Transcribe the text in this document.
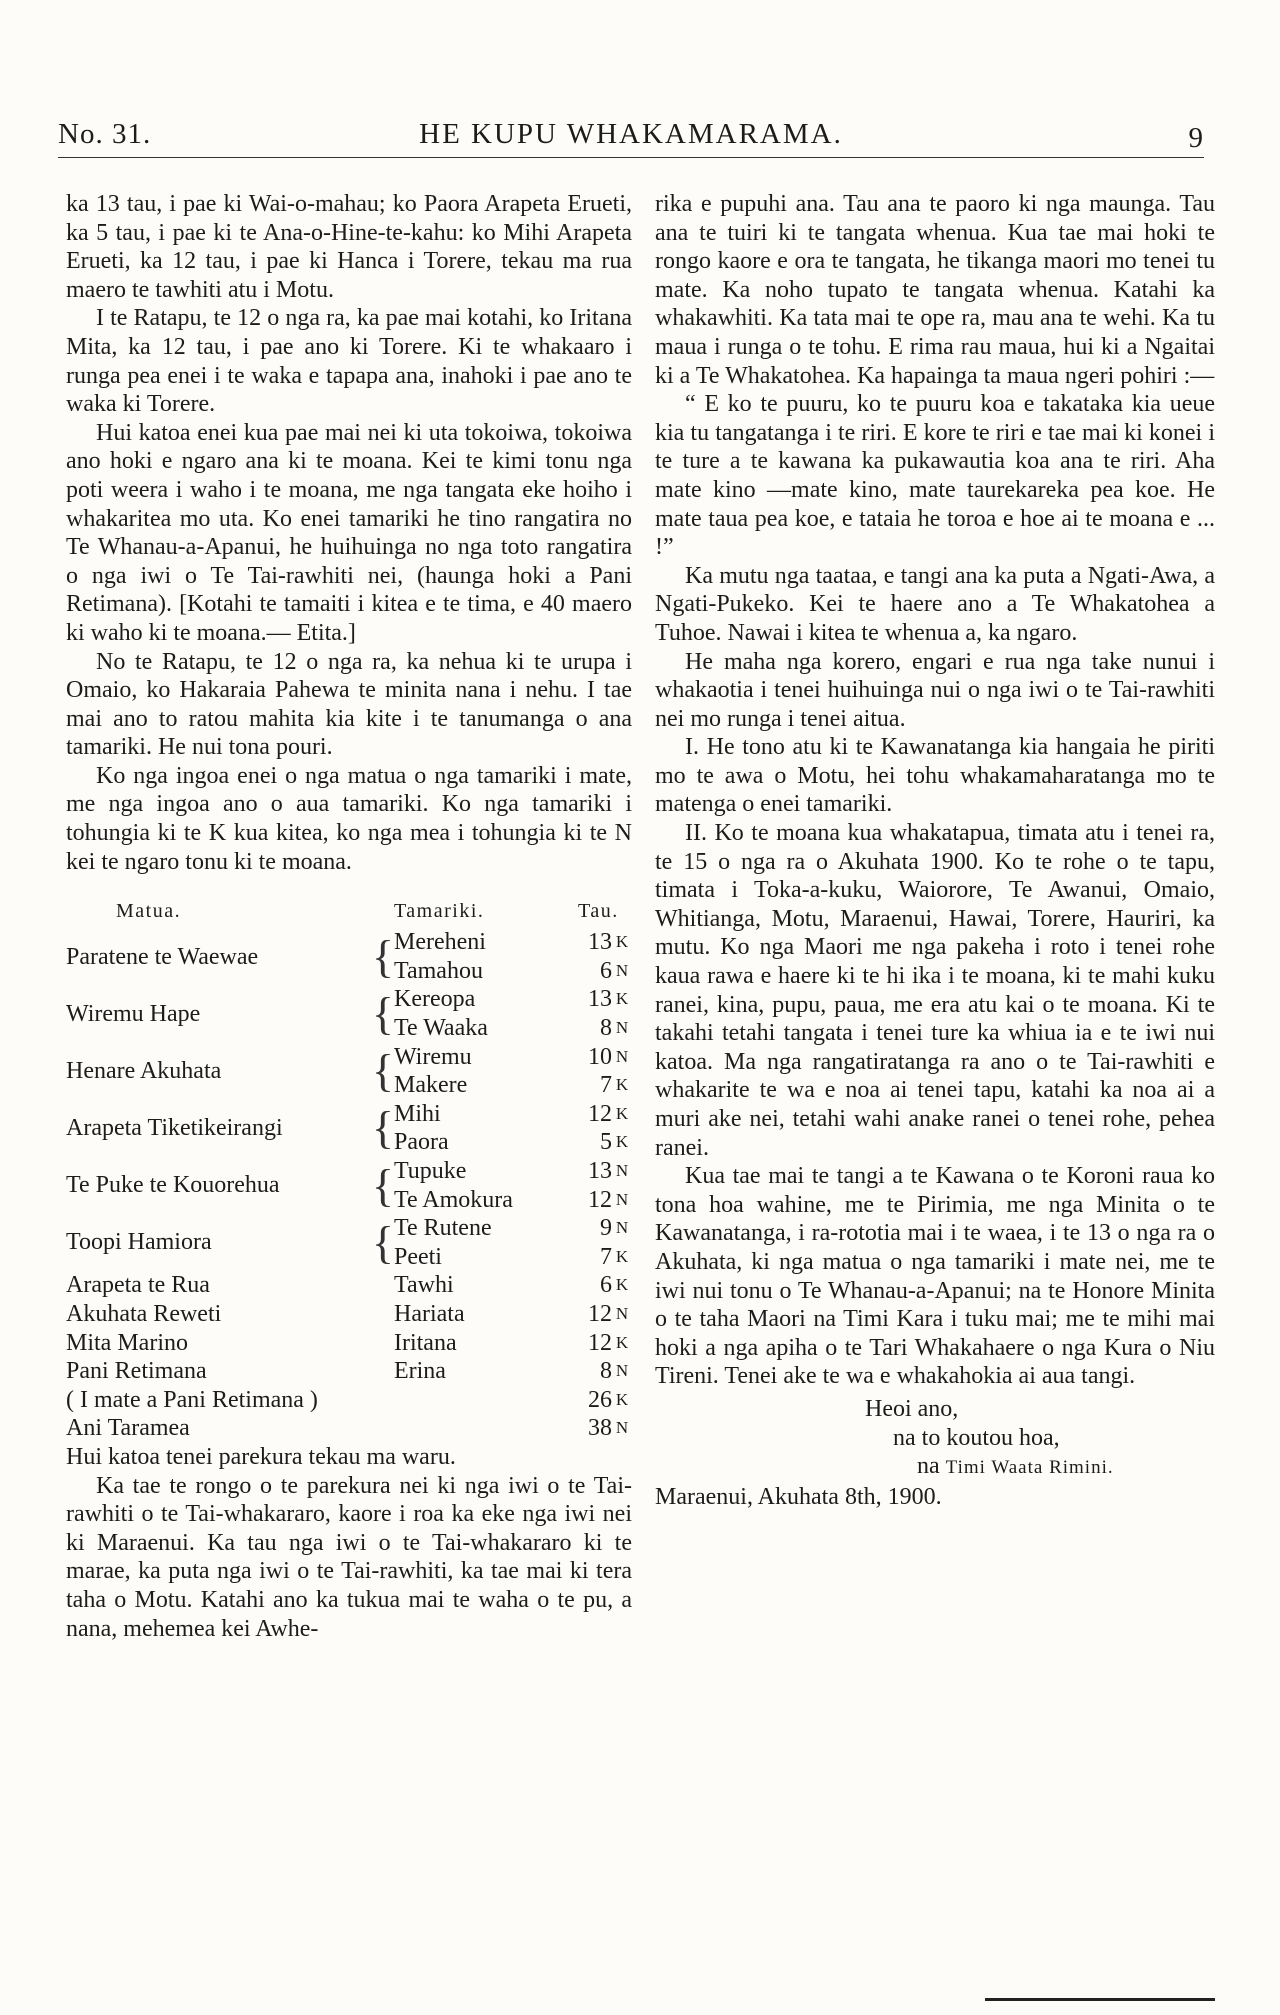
No. 31.	HE KUPU WHAKAMARAMA.	9

ka 13 tau, i pae ki Wai-o-mahau; ko Paora Arapeta Erueti, ka 5 tau, i pae ki te Ana-o-Hine-te-kahu: ko Mihi Arapeta Erueti, ka 12 tau, i pae ki Hanca i Torere, tekau ma rua maero te tawhiti atu i Motu.

I te Ratapu, te 12 o nga ra, ka pae mai kotahi, ko Iritana Mita, ka 12 tau, i pae ano ki Torere. Ki te whakaaro i runga pea enei i te waka e tapapa ana, inahoki i pae ano te waka ki Torere.

Hui katoa enei kua pae mai nei ki uta tokoiwa, tokoiwa ano hoki e ngaro ana ki te moana. Kei te kimi tonu nga poti weera i waho i te moana, me nga tangata eke hoiho i whakaritea mo uta. Ko enei tamariki he tino rangatira no Te Whanau-a-Apanui, he huihuinga no nga toto rangatira o nga iwi o Te Tai-rawhiti nei, (haunga hoki a Pani Retimana). [Kotahi te tamaiti i kitea e te tima, e 40 maero ki waho ki te moana.— Etita.]

No te Ratapu, te 12 o nga ra, ka nehua ki te urupa i Omaio, ko Hakaraia Pahewa te minita nana i nehu. I tae mai ano to ratou mahita kia kite i te tanumanga o ana tamariki. He nui tona pouri.

Ko nga ingoa enei o nga matua o nga tamariki i mate, me nga ingoa ano o aua tamariki. Ko nga tamariki i tohungia ki te K kua kitea, ko nga mea i tohungia ki te N kei te ngaro tonu ki te moana.

Matua.		Tamariki.	Tau.	
Paratene te Waewae	{	Mereheni	13	K
		Tamahou	6	N
Wiremu Hape	{	Kereopa	13	K
		Te Waaka	8	N
Henare Akuhata	{	Wiremu	10	N
		Makere	7	K
Arapeta Tiketikeirangi	{	Mihi	12	K
		Paora	5	K
Te Puke te Kouorehua	{	Tupuke	13	N
		Te Amokura	12	N
Toopi Hamiora	{	Te Rutene	9	N
		Peeti	7	K
Arapeta te Rua		Tawhi	6	K
Akuhata Reweti		Hariata	12	N
Mita Marino		Iritana	12	K
Pani Retimana		Erina	8	N
( I mate a Pani Retimana )			26	K
Ani Taramea			38	N

Hui katoa tenei parekura tekau ma waru.

Ka tae te rongo o te parekura nei ki nga iwi o te Tai-rawhiti o te Tai-whakararo, kaore i roa ka eke nga iwi nei ki Maraenui. Ka tau nga iwi o te Tai-whakararo ki te marae, ka puta nga iwi o te Tai-rawhiti, ka tae mai ki tera taha o Motu. Katahi ano ka tukua mai te waha o te pu, a nana, mehemea kei Awhe-

rika e pupuhi ana. Tau ana te paoro ki nga maunga. Tau ana te tuiri ki te tangata whenua. Kua tae mai hoki te rongo kaore e ora te tangata, he tikanga maori mo tenei tu mate. Ka noho tupato te tangata whenua. Katahi ka whakawhiti. Ka tata mai te ope ra, mau ana te wehi. Ka tu maua i runga o te tohu. E rima rau maua, hui ki a Ngaitai ki a Te Whakatohea. Ka hapainga ta maua ngeri pohiri :—

“ E ko te puuru, ko te puuru koa e takataka kia ueue kia tu tangatanga i te riri. E kore te riri e tae mai ki konei i te ture a te kawana ka pukawautia koa ana te riri. Aha mate kino —mate kino, mate taurekareka pea koe. He mate taua pea koe, e tataia he toroa e hoe ai te moana e ... !”

Ka mutu nga taataa, e tangi ana ka puta a Ngati-Awa, a Ngati-Pukeko. Kei te haere ano a Te Whakatohea a Tuhoe. Nawai i kitea te whenua a, ka ngaro.

He maha nga korero, engari e rua nga take nunui i whakaotia i tenei huihuinga nui o nga iwi o te Tai-rawhiti nei mo runga i tenei aitua.

I. He tono atu ki te Kawanatanga kia hangaia he piriti mo te awa o Motu, hei tohu whakamaharatanga mo te matenga o enei tamariki.

II. Ko te moana kua whakatapua, timata atu i tenei ra, te 15 o nga ra o Akuhata 1900. Ko te rohe o te tapu, timata i Toka-a-kuku, Waiorore, Te Awanui, Omaio, Whitianga, Motu, Maraenui, Hawai, Torere, Hauriri, ka mutu. Ko nga Maori me nga pakeha i roto i tenei rohe kaua rawa e haere ki te hi ika i te moana, ki te mahi kuku ranei, kina, pupu, paua, me era atu kai o te moana. Ki te takahi tetahi tangata i tenei ture ka whiua ia e te iwi nui katoa. Ma nga rangatiratanga ra ano o te Tai-rawhiti e whakarite te wa e noa ai tenei tapu, katahi ka noa ai a muri ake nei, tetahi wahi anake ranei o tenei rohe, pehea ranei.

Kua tae mai te tangi a te Kawana o te Koroni raua ko tona hoa wahine, me te Pirimia, me nga Minita o te Kawanatanga, i ra-rototia mai i te waea, i te 13 o nga ra o Akuhata, ki nga matua o nga tamariki i mate nei, me te iwi nui tonu o Te Whanau-a-Apanui; na te Honore Minita o te taha Maori na Timi Kara i tuku mai; me te mihi mai hoki a nga apiha o te Tari Whakahaere o nga Kura o Niu Tireni. Tenei ake te wa e whakahokia ai aua tangi.

Heoi ano,

na to koutou hoa,

na Timi Waata Rimini.

Maraenui, Akuhata 8th, 1900.
